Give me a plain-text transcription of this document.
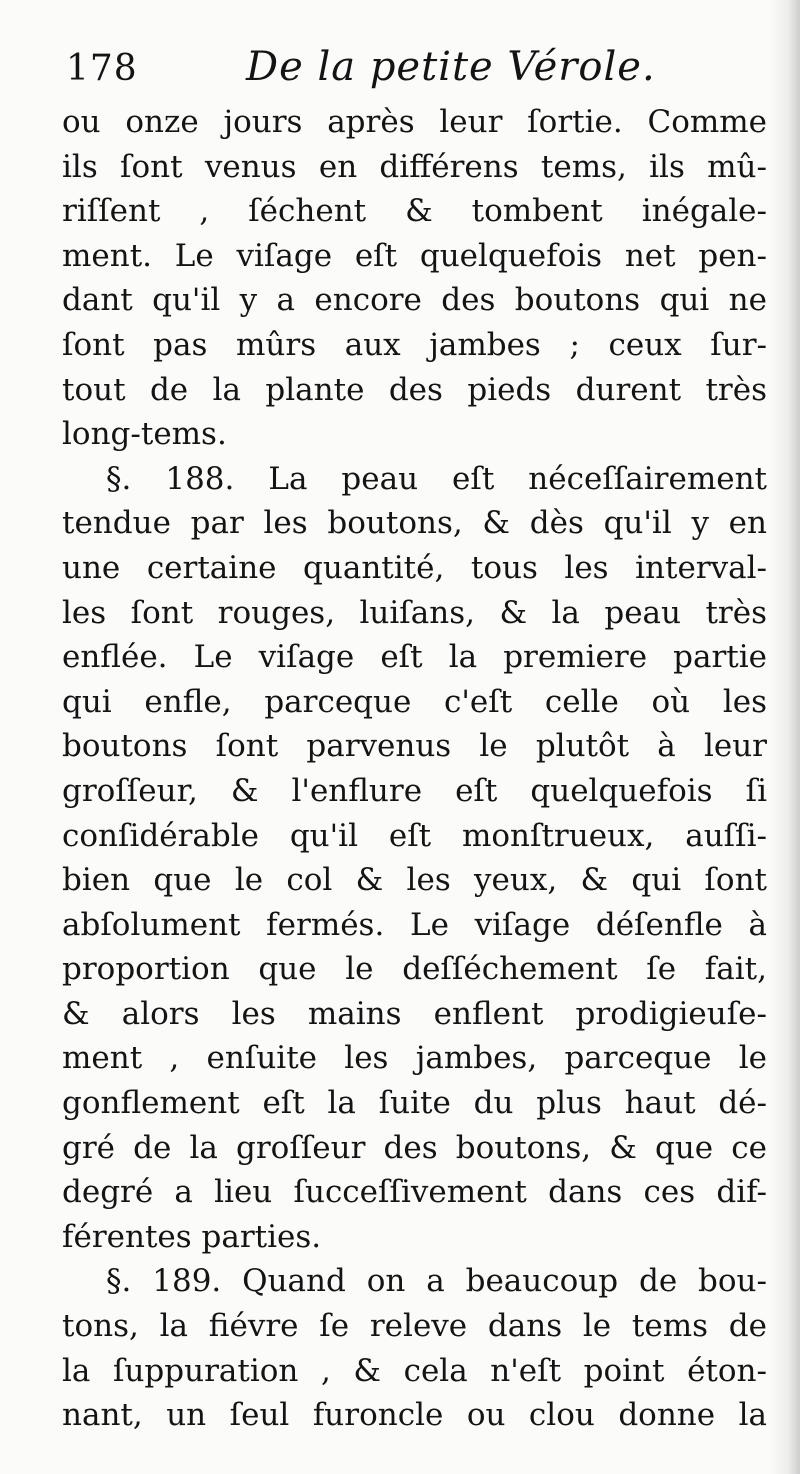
178	De la petite Vérole.
ou onze jours après leur ſortie. Comme
ils ſont venus en différens tems, ils mû-
riſſent , ſéchent & tombent inégale-
ment. Le viſage eſt quelquefois net pen-
dant qu'il y a encore des boutons qui ne
ſont pas mûrs aux jambes ; ceux ſur-
tout de la plante des pieds durent très
long-tems.
§. 188. La peau eſt néceſſairement
tendue par les boutons, & dès qu'il y en
une certaine quantité, tous les interval-
les ſont rouges, luiſans, & la peau très
enflée. Le viſage eſt la premiere partie
qui enfle, parceque c'eſt celle où les
boutons ſont parvenus le plutôt à leur
groſſeur, & l'enflure eſt quelquefois ſi
conſidérable qu'il eſt monſtrueux, auſſi-
bien que le col & les yeux, & qui ſont
abſolument fermés. Le viſage déſenfle à
proportion que le deſſéchement ſe fait,
& alors les mains enflent prodigieuſe-
ment , enſuite les jambes, parceque le
gonflement eſt la ſuite du plus haut dé-
gré de la groſſeur des boutons, & que ce
degré a lieu ſucceſſivement dans ces dif-
férentes parties.
§. 189. Quand on a beaucoup de bou-
tons, la fiévre ſe releve dans le tems de
la ſuppuration , & cela n'eſt point éton-
nant, un ſeul furoncle ou clou donne la
